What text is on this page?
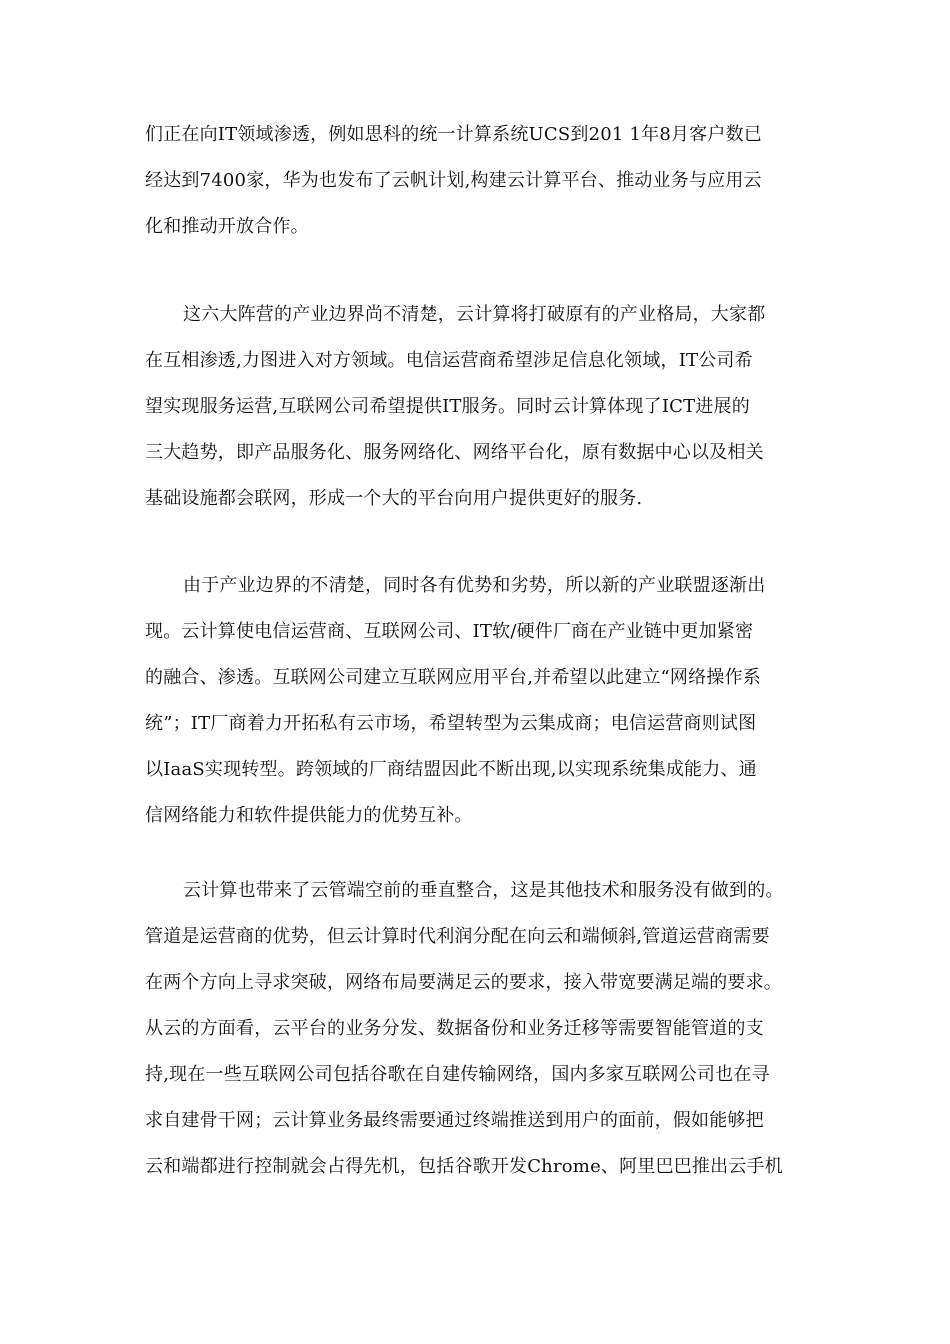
们正在向IT领域渗透，例如思科的统一计算系统UCS到201 1年8月客户数已
经达到7400家，华为也发布了云帆计划,构建云计算平台、推动业务与应用云
化和推动开放合作。
这六大阵营的产业边界尚不清楚，云计算将打破原有的产业格局，大家都
在互相渗透,力图进入对方领域。电信运营商希望涉足信息化领域，IT公司希
望实现服务运营,互联网公司希望提供IT服务。同时云计算体现了ICT进展的
三大趋势，即产品服务化、服务网络化、网络平台化，原有数据中心以及相关
基础设施都会联网，形成一个大的平台向用户提供更好的服务.
由于产业边界的不清楚，同时各有优势和劣势，所以新的产业联盟逐渐出
现。云计算使电信运营商、互联网公司、IT软/硬件厂商在产业链中更加紧密
的融合、渗透。互联网公司建立互联网应用平台,并希望以此建立“网络操作系
统”；IT厂商着力开拓私有云市场，希望转型为云集成商；电信运营商则试图
以IaaS实现转型。跨领域的厂商结盟因此不断出现,以实现系统集成能力、通
信网络能力和软件提供能力的优势互补。
云计算也带来了云管端空前的垂直整合，这是其他技术和服务没有做到的。
管道是运营商的优势，但云计算时代利润分配在向云和端倾斜,管道运营商需要
在两个方向上寻求突破，网络布局要满足云的要求，接入带宽要满足端的要求。
从云的方面看，云平台的业务分发、数据备份和业务迁移等需要智能管道的支
持,现在一些互联网公司包括谷歌在自建传输网络，国内多家互联网公司也在寻
求自建骨干网；云计算业务最终需要通过终端推送到用户的面前，假如能够把
云和端都进行控制就会占得先机，包括谷歌开发Chrome、阿里巴巴推出云手机
